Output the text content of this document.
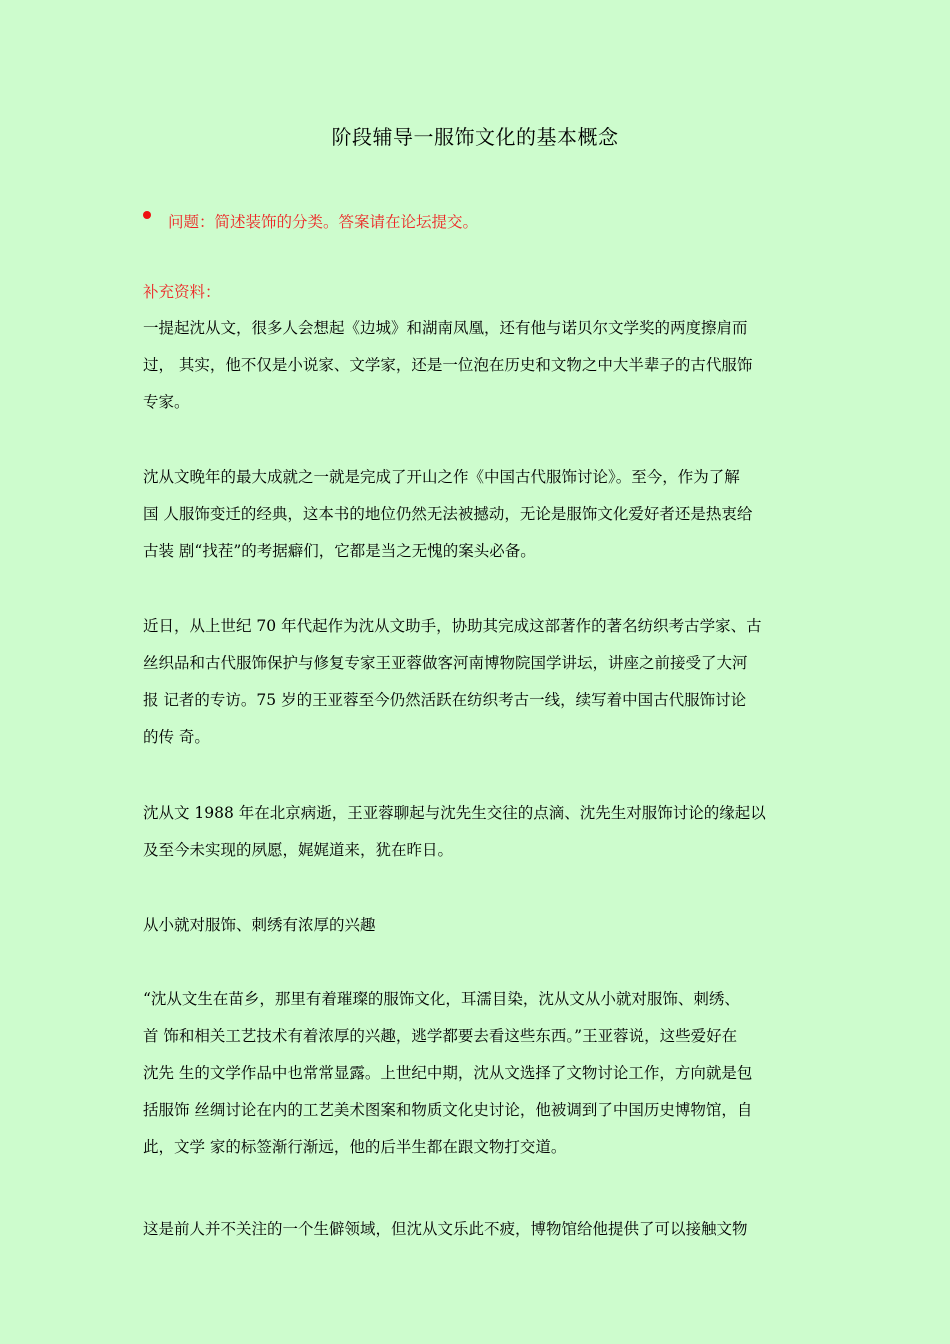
阶段辅导一服饰文化的基本概念
问题：简述装饰的分类。答案请在论坛提交。
补充资料：
一提起沈从文，很多人会想起《边城》和湖南凤凰，还有他与诺贝尔文学奖的两度擦肩而
过， 其实，他不仅是小说家、文学家，还是一位泡在历史和文物之中大半辈子的古代服饰
专家。
沈从文晚年的最大成就之一就是完成了开山之作《中国古代服饰讨论》。至今，作为了解
国 人服饰变迁的经典，这本书的地位仍然无法被撼动，无论是服饰文化爱好者还是热衷给
古装 剧“找茬”的考据癖们，它都是当之无愧的案头必备。
近日，从上世纪 70 年代起作为沈从文助手，协助其完成这部著作的著名纺织考古学家、古
丝织品和古代服饰保护与修复专家王亚蓉做客河南博物院国学讲坛，讲座之前接受了大河
报 记者的专访。75 岁的王亚蓉至今仍然活跃在纺织考古一线，续写着中国古代服饰讨论
的传 奇。
沈从文 1988 年在北京病逝，王亚蓉聊起与沈先生交往的点滴、沈先生对服饰讨论的缘起以
及至今未实现的夙愿，娓娓道来，犹在昨日。
从小就对服饰、刺绣有浓厚的兴趣
“沈从文生在苗乡，那里有着璀璨的服饰文化，耳濡目染，沈从文从小就对服饰、刺绣、
首 饰和相关工艺技术有着浓厚的兴趣，逃学都要去看这些东西。”王亚蓉说，这些爱好在
沈先 生的文学作品中也常常显露。上世纪中期，沈从文选择了文物讨论工作，方向就是包
括服饰 丝绸讨论在内的工艺美术图案和物质文化史讨论，他被调到了中国历史博物馆，自
此，文学 家的标签渐行渐远，他的后半生都在跟文物打交道。
这是前人并不关注的一个生僻领域，但沈从文乐此不疲，博物馆给他提供了可以接触文物
